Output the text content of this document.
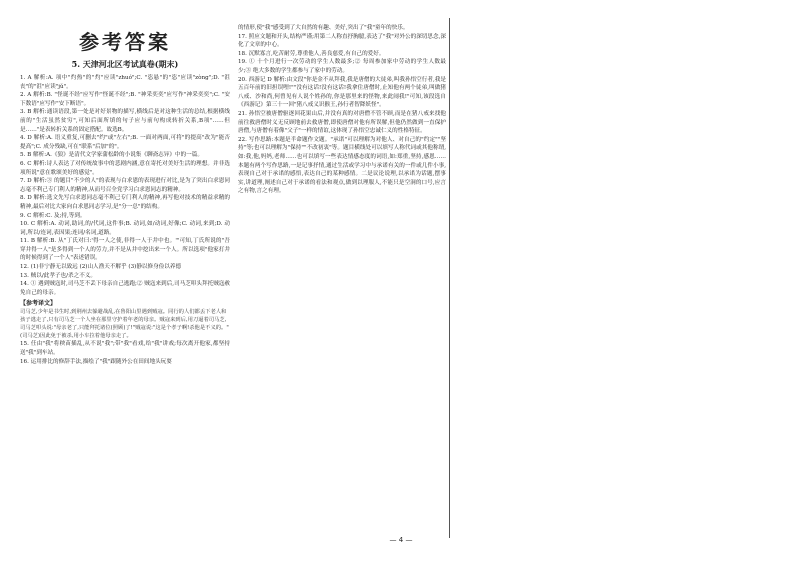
参考答案
5. 天津河北区考试真卷(期末)

1. A 解析:A. 项中"灼热"的"灼"应读"zhuó";C. "恣悬"的"恣"应读"zòng";D. "沮丧"的"沮"应读"jǔ"。

2. A 解析:B. "怪诞不经"应写作"怪诞不经";B. "神采奕奕"应写作"神采奕奕";C. "安下数语"应写作"安下断语"。

3. B 解析:通读语段,第一处是对好景物的描写,横线后是对这种生活的总结,根据横线前的"生活虽然贫穷",可知后面所填的句子应与前句构成转折关系,B项"……但是……"是表转折关系的固定搭配。故选B。

4. D 解析:A. 语义重复,可删去"约"或"左右";B. 一面对两面,可将"的提高"改为"能否提高";C. 成分残缺,可在"联系"后加"的"。

5. B 解析:A.《狼》是清代文学家蒲松龄的小说集《聊斋志异》中的一篇。

6. C 解析:诗人表达了对传统故事中的悲剧内涵,意在寄托对美好生活的理想。并非选项所说"意在歌颂美好的感觉"。

7. D 解析:③ 的题目"不少的人"的表现与白求恩的表现进行对比,是为了突出白求恩同志毫不利己专门利人的精神,从而号召全党学习白求恩同志的精神。

8. D 解析:选文先写白求恩同志毫不利己专门利人的精神,再写他对技术的精益求精的精神,最后对比大家向白求恩同志学习,是"分一总"的结构。

9. C 解析:C. 及;持,等到。

10. C 解析:A. 动词,助词,的/代词,这件事;B. 动词,如/动词,好像;C. 动词,来到;D. 动词,所以/连词,表因果;连词/名词,道路。

11. B 解析:B. 从"丁氏对曰:'得一人之使,非得一人于井中也。'"可知,丁氏所说的"吾穿井得一人"是多得到一个人的劳力,并不是从井中挖出来一个人。所以选项"他家打井的时候得到了一个人"表述错误。

12. (1)非宁静无以致远 (2)山人渔天不解乎 (3)静以修身俭以养德

13. 贼以/此孝子也/杀之不义。

14. ① 遇到贼寇时,司马芝不丢下母亲自己逃跑;② 贼寇来到后,司马芝叩头拜托贼寇赦免自己的母亲。

【参考译文】
司马芝,少年是书生时,到荆州去躲避战乱,在鲁阳山里遇到贼寇。同行的人们都丢下老人和孩子逃走了,只有司马芝一个人坐在那里守护着年老的母亲。贼寇来到后,用刀逼着司马芝,司马芝叩头说:"母亲老了,只能拜托诸位(照顾)了!"贼寇说:"这是个孝子啊!杀他是不义的。"(司马芝)因此免于被杀,用小车拉着他母亲走了。

15. 任由"我"将秧苗插乱,从不说"我";带"我"看戏,给"我"讲戏;每次离开他家,都坚持送"我"到车站。

16. 运用排比的修辞手法,描绘了"我"跟随外公在田间地头玩耍

的情形,使"我"感受到了大自然的有趣、美好,突出了"我"童年的快乐。

17. 照应文题和开头,结构严谨;用第二人称直抒胸臆,表达了"我"对外公的深切思念,深化了文章的中心。

18. 沉默寡言,吃苦耐劳,尊重他人,善良慈爱,有自己的爱好。

19. ① 十个月进行一次劳动的学生人数最多;② 每周参加家中劳动的学生人数最少;③ 绝大多数的学生都参与了家中的劳动。

20. 西游记 D 解析:由文段"你是金不从拜我,我是唐僧的大徒弟,叫我孙悟空行者,我是五百年前的旧担误哩!""没有这话!没有这话!我拿住唐僧时,止知他有两个徒弟,叫做猪八戒、沙和尚,何曾见有人说个姓孙的,你是那里来的怪物,来此闹我!"可知,该段选自《西游记》第三十一回"猪八戒义识猴王,孙行者智降妖怪"。

21. 孙悟空被唐僧驱逐回花果山后,并没有真的对唐僧不管不顾,而是在猪八戒来找他前往救唐僧时义无反顾地前去救唐僧,即使唐僧对他有所误解,但他仍然做到一直保护唐僧,与唐僧有着像"父子"一样的情谊,这体现了孙悟空忠诚仁义的性格特征。

22. 写作思路:本题是半命题作文题。"承诺"可以理解为对他人、对自己的"约定""坚持"等;也可以理解为"保持""不改初衷"等。题目横线处可以填写人称代词或其他称谓,如:我,他,妈妈,老师……也可以填写一些表达情感态度的词语,如:郑重,坚持,感恩……本题有两个写作思路,一是记事抒情,通过生活或学习中与承诺有关的一件或几件小事,表现自己对于承诺的感悟,表达自己的某种感情。二是议论说理,以承诺为话题,摆事实,讲道理,阐述自己对于承诺的看法和观点,做到以理服人,不能只是空洞的口号,应言之有物,言之有理。

— 4 —
